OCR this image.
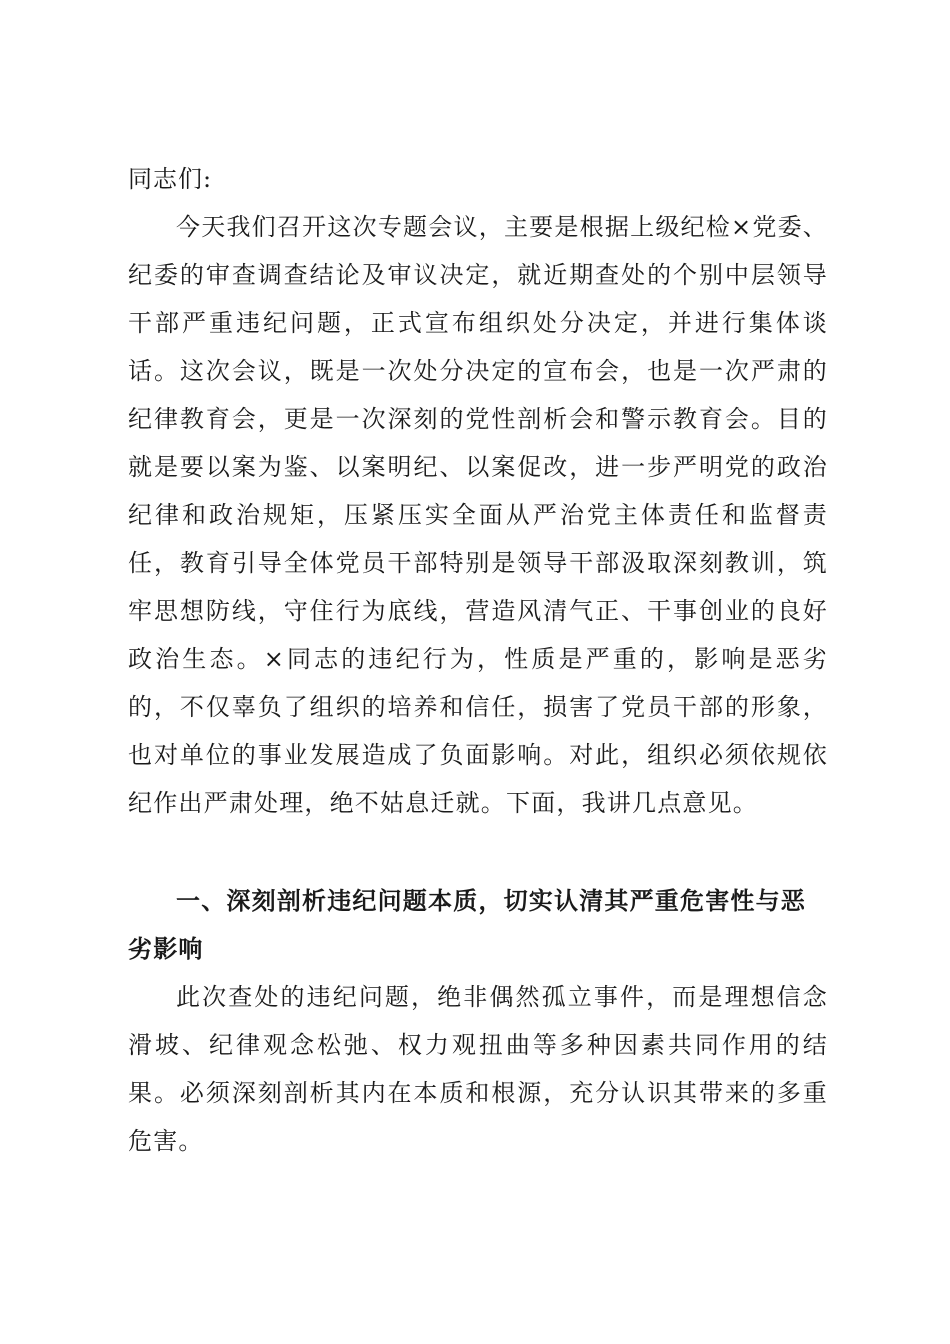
同志们:
今天我们召开这次专题会议，主要是根据上级纪检×党委、纪委的审查调查结论及审议决定，就近期查处的个别中层领导干部严重违纪问题，正式宣布组织处分决定，并进行集体谈话。这次会议，既是一次处分决定的宣布会，也是一次严肃的纪律教育会，更是一次深刻的党性剖析会和警示教育会。目的就是要以案为鉴、以案明纪、以案促改，进一步严明党的政治纪律和政治规矩，压紧压实全面从严治党主体责任和监督责任，教育引导全体党员干部特别是领导干部汲取深刻教训，筑牢思想防线，守住行为底线，营造风清气正、干事创业的良好政治生态。×同志的违纪行为，性质是严重的，影响是恶劣的，不仅辜负了组织的培养和信任，损害了党员干部的形象，也对单位的事业发展造成了负面影响。对此，组织必须依规依纪作出严肃处理，绝不姑息迁就。下面，我讲几点意见。
一、深刻剖析违纪问题本质，切实认清其严重危害性与恶劣影响
此次查处的违纪问题，绝非偶然孤立事件，而是理想信念滑坡、纪律观念松弛、权力观扭曲等多种因素共同作用的结果。必须深刻剖析其内在本质和根源，充分认识其带来的多重危害。
